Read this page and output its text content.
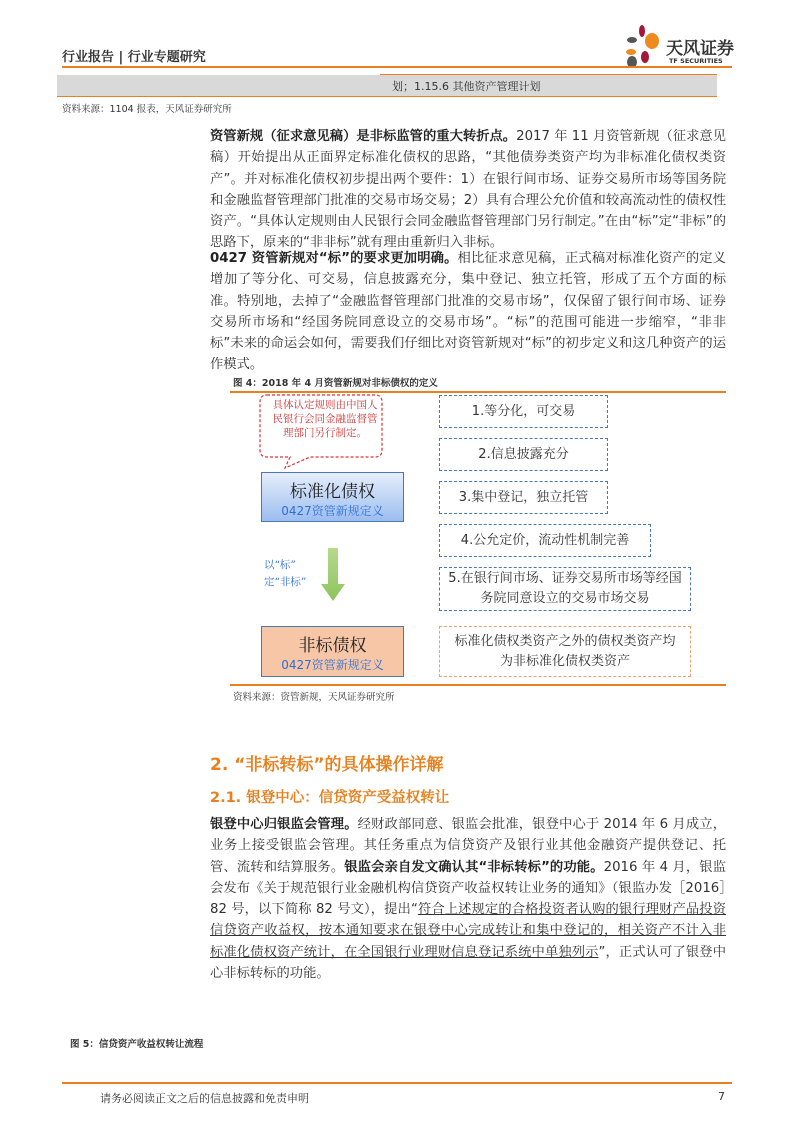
行业报告 | 行业专题研究	天风证券
TF SECURITIES
划；1.15.6 其他资产管理计划
资料来源：1104 报表，天风证券研究所
资管新规（征求意见稿）是非标监管的重大转折点。2017 年 11 月资管新规（征求意见稿）开始提出从正面界定标准化债权的思路，“其他债券类资产均为非标准化债权类资产”。并对标准化债权初步提出两个要件：1）在银行间市场、证券交易所市场等国务院和金融监督管理部门批准的交易市场交易；2）具有合理公允价值和较高流动性的债权性资产。“具体认定规则由人民银行会同金融监督管理部门另行制定。”在由“标”定“非标”的思路下，原来的“非非标”就有理由重新归入非标。
0427 资管新规对“标”的要求更加明确。相比征求意见稿，正式稿对标准化资产的定义增加了等分化、可交易，信息披露充分，集中登记、独立托管，形成了五个方面的标准。特别地，去掉了“金融监督管理部门批准的交易市场”，仅保留了银行间市场、证券交易所市场和“经国务院同意设立的交易市场”。“标”的范围可能进一步缩窄，“非非标”未来的命运会如何，需要我们仔细比对资管新规对“标”的初步定义和这几种资产的运作模式。
图 4：2018 年 4 月资管新规对非标债权的定义
具体认定规则由中国人民银行会同金融监督管理部门另行制定。
标准化债权
0427资管新规定义
以“标”
定“非标”
非标债权
0427资管新规定义
1.等分化，可交易
2.信息披露充分
3.集中登记，独立托管
4.公允定价，流动性机制完善
5.在银行间市场、证券交易所市场等经国务院同意设立的交易市场交易
标准化债权类资产之外的债权类资产均为非标准化债权类资产
资料来源：资管新规，天风证券研究所
2. “非标转标”的具体操作详解
2.1. 银登中心：信贷资产受益权转让
银登中心归银监会管理。经财政部同意、银监会批准，银登中心于 2014 年 6 月成立，业务上接受银监会管理。其任务重点为信贷资产及银行业其他金融资产提供登记、托管、流转和结算服务。银监会亲自发文确认其“非标转标”的功能。2016 年 4 月，银监会发布《关于规范银行业金融机构信贷资产收益权转让业务的通知》（银监办发［2016］82 号，以下简称 82 号文），提出“符合上述规定的合格投资者认购的银行理财产品投资信贷资产收益权，按本通知要求在银登中心完成转让和集中登记的，相关资产不计入非标准化债权资产统计，在全国银行业理财信息登记系统中单独列示”，正式认可了银登中心非标转标的功能。
图 5：信贷资产收益权转让流程
请务必阅读正文之后的信息披露和免责申明	7
